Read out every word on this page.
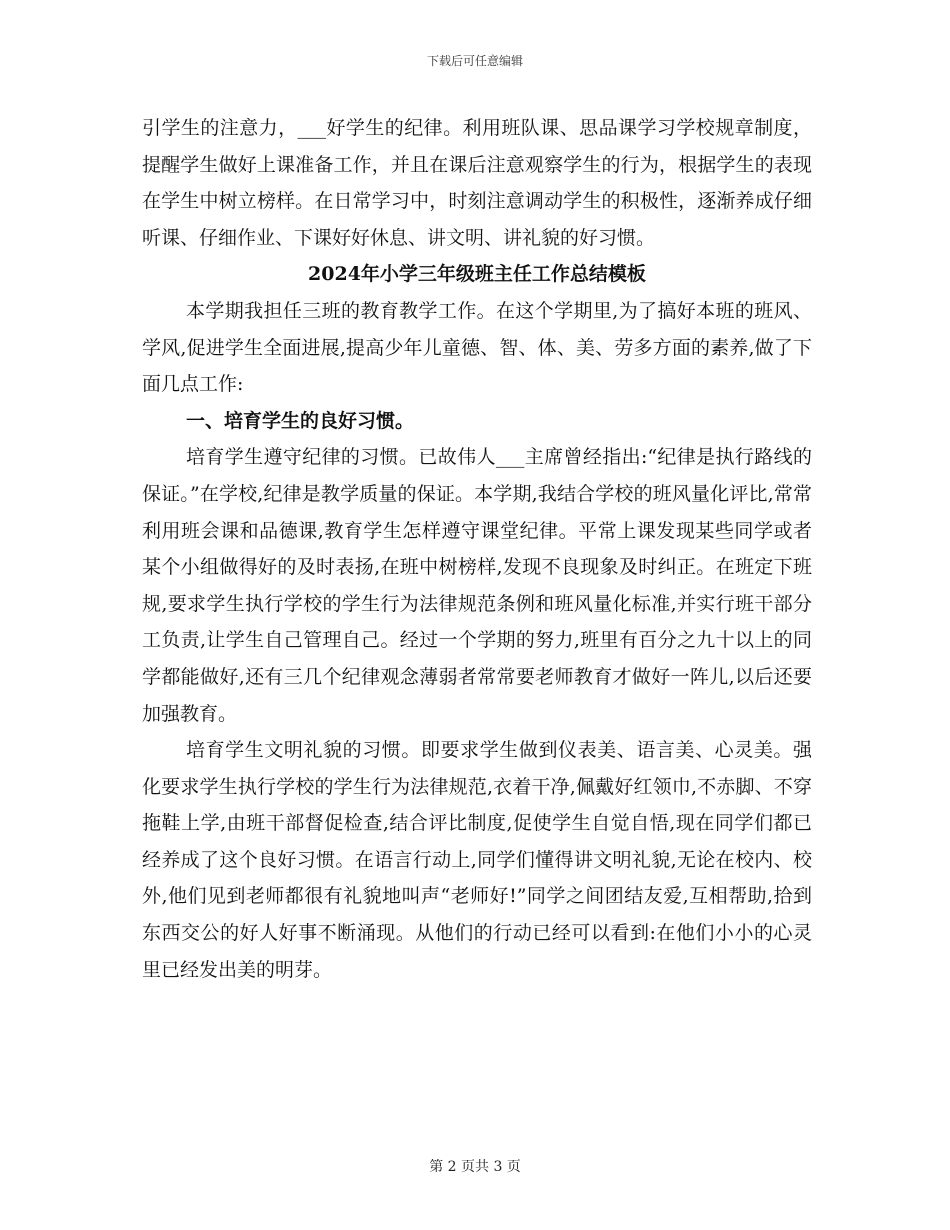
下载后可任意编辑

引学生的注意力，___好学生的纪律。利用班队课、思品课学习学校规章制度，提醒学生做好上课准备工作，并且在课后注意观察学生的行为，根据学生的表现在学生中树立榜样。在日常学习中，时刻注意调动学生的积极性，逐渐养成仔细听课、仔细作业、下课好好休息、讲文明、讲礼貌的好习惯。

2024年小学三年级班主任工作总结模板

本学期我担任三班的教育教学工作。在这个学期里,为了搞好本班的班风、学风,促进学生全面进展,提高少年儿童德、智、体、美、劳多方面的素养,做了下面几点工作:

一、培育学生的良好习惯。

培育学生遵守纪律的习惯。已故伟人___主席曾经指出:“纪律是执行路线的保证。”在学校,纪律是教学质量的保证。本学期,我结合学校的班风量化评比,常常利用班会课和品德课,教育学生怎样遵守课堂纪律。平常上课发现某些同学或者某个小组做得好的及时表扬,在班中树榜样,发现不良现象及时纠正。在班定下班规,要求学生执行学校的学生行为法律规范条例和班风量化标准,并实行班干部分工负责,让学生自己管理自己。经过一个学期的努力,班里有百分之九十以上的同学都能做好,还有三几个纪律观念薄弱者常常要老师教育才做好一阵儿,以后还要加强教育。

培育学生文明礼貌的习惯。即要求学生做到仪表美、语言美、心灵美。强化要求学生执行学校的学生行为法律规范,衣着干净,佩戴好红领巾,不赤脚、不穿拖鞋上学,由班干部督促检查,结合评比制度,促使学生自觉自悟,现在同学们都已经养成了这个良好习惯。在语言行动上,同学们懂得讲文明礼貌,无论在校内、校外,他们见到老师都很有礼貌地叫声“老师好!”同学之间团结友爱,互相帮助,拾到东西交公的好人好事不断涌现。从他们的行动已经可以看到:在他们小小的心灵里已经发出美的明芽。

第 2 页共 3 页
